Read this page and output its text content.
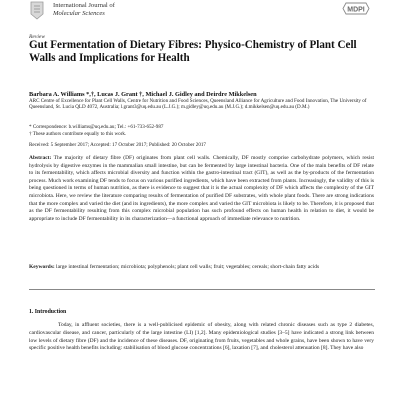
International Journal of
Molecular Sciences	MDPI
Review
Gut Fermentation of Dietary Fibres: Physico-Chemistry of Plant Cell Walls and Implications for Health
Barbara A. Williams *,†, Lucas J. Grant †, Michael J. Gidley and Deirdre Mikkelsen
ARC Centre of Excellence for Plant Cell Walls, Centre for Nutrition and Food Sciences, Queensland Alliance for Agriculture and Food Innovation, The University of Queensland, St. Lucia QLD 4072, Australia; l.grant3@uq.edu.au (L.J.G.); m.gidley@uq.edu.au (M.J.G.); d.mikkelsen@uq.edu.au (D.M.)
* Correspondence: b.williams@uq.edu.au; Tel.: +61-733-652-987
† These authors contribute equally to this work.
Received: 5 September 2017; Accepted: 17 October 2017; Published: 20 October 2017
Abstract: The majority of dietary fibre (DF) originates from plant cell walls. Chemically, DF mostly comprise carbohydrate polymers, which resist hydrolysis by digestive enzymes in the mammalian small intestine, but can be fermented by large intestinal bacteria. One of the main benefits of DF relate to its fermentability, which affects microbial diversity and function within the gastro-intestinal tract (GIT), as well as the by-products of the fermentation process. Much work examining DF tends to focus on various purified ingredients, which have been extracted from plants. Increasingly, the validity of this is being questioned in terms of human nutrition, as there is evidence to suggest that it is the actual complexity of DF which affects the complexity of the GIT microbiota. Here, we review the literature comparing results of fermentation of purified DF substrates, with whole plant foods. There are strong indications that the more complex and varied the diet (and its ingredients), the more complex and varied the GIT microbiota is likely to be. Therefore, it is proposed that as the DF fermentability resulting from this complex microbial population has such profound effects on human health in relation to diet, it would be appropriate to include DF fermentability in its characterization—a functional approach of immediate relevance to nutrition.
Keywords: large intestinal fermentation; microbiota; polyphenols; plant cell walls; fruit; vegetables; cereals; short-chain fatty acids
1. Introduction
Today, in affluent societies, there is a well-publicised epidemic of obesity, along with related chronic diseases such as type 2 diabetes, cardiovascular disease, and cancer, particularly of the large intestine (LI) [1,2]. Many epidemiological studies [3–5] have indicated a strong link between low levels of dietary fibre (DF) and the incidence of these diseases. DF, originating from fruits, vegetables and whole grains, have been shown to have very specific positive health benefits including: stabilisation of blood glucose concentrations [6], laxation [7], and cholesterol attenuation [8]. They have also
